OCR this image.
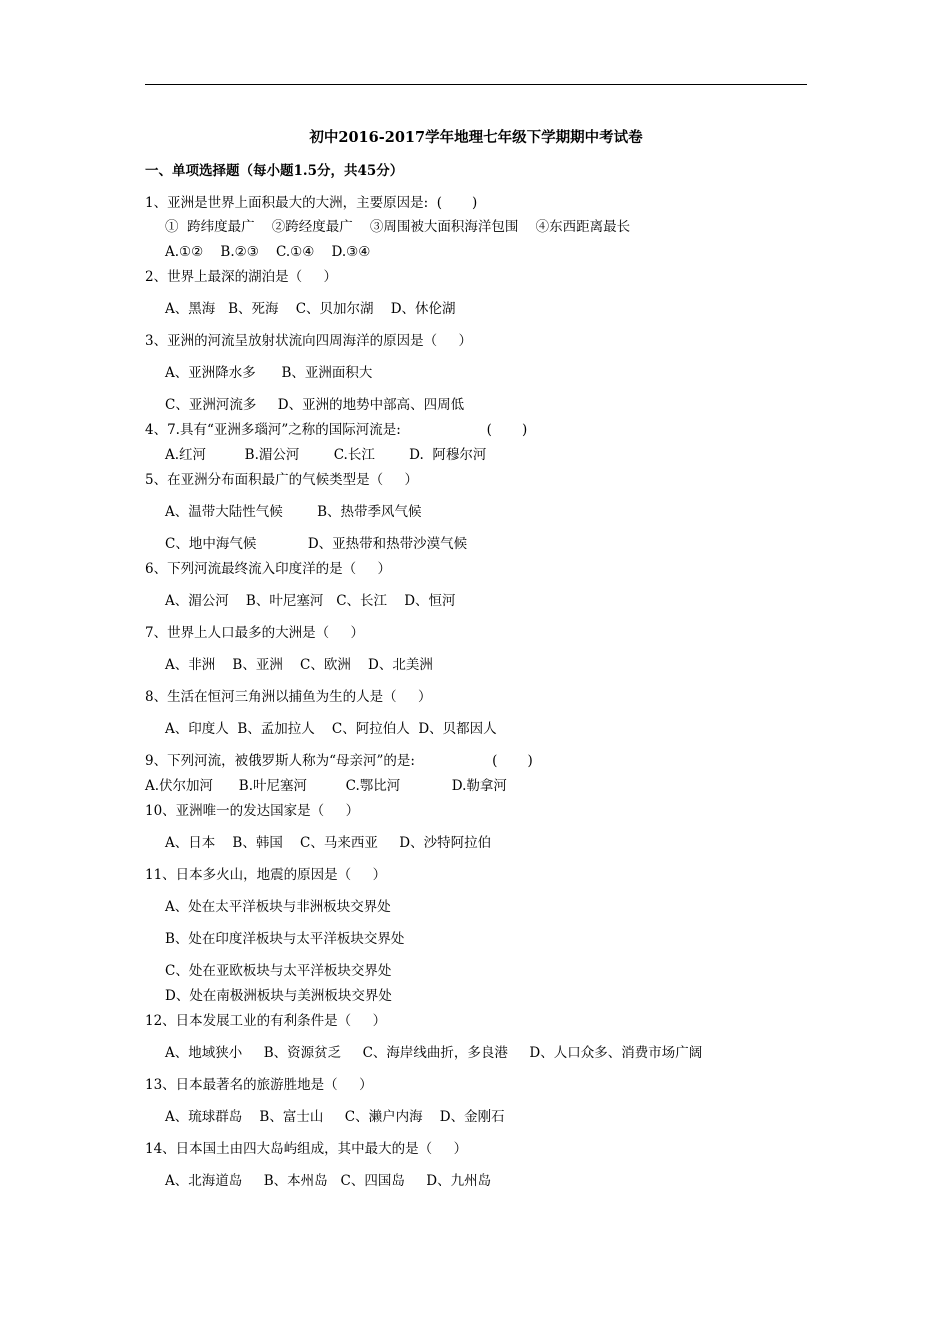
初中2016-2017学年地理七年级下学期期中考试卷
一、单项选择题（每小题1.5分，共45分）
1、亚洲是世界上面积最大的大洲，主要原因是:  (       )
①  跨纬度最广    ②跨经度最广    ③周围被大面积海洋包围    ④东西距离最长
A.①②    B.②③    C.①④    D.③④
2、世界上最深的湖泊是（     ）
A、黑海   B、死海    C、贝加尔湖    D、休伦湖
3、亚洲的河流呈放射状流向四周海洋的原因是（     ）
A、亚洲降水多      B、亚洲面积大
C、亚洲河流多     D、亚洲的地势中部高、四周低
4、7.具有“亚洲多瑙河”之称的国际河流是:                    (       )
A.红河         B.湄公河        C.长江        D.  阿穆尔河
5、在亚洲分布面积最广的气候类型是（     ）
A、温带大陆性气候        B、热带季风气候
C、地中海气候            D、亚热带和热带沙漠气候
6、下列河流最终流入印度洋的是（     ）
A、湄公河    B、叶尼塞河   C、长江    D、恒河
7、世界上人口最多的大洲是（     ）
A、非洲    B、亚洲    C、欧洲    D、北美洲
8、生活在恒河三角洲以捕鱼为生的人是（     ）
A、印度人  B、孟加拉人    C、阿拉伯人  D、贝都因人
9、下列河流，被俄罗斯人称为“母亲河”的是:                  (       )
A.伏尔加河      B.叶尼塞河         C.鄂比河            D.勒拿河
10、亚洲唯一的发达国家是（     ）
A、日本    B、韩国    C、马来西亚     D、沙特阿拉伯
11、日本多火山，地震的原因是（     ）
A、处在太平洋板块与非洲板块交界处
B、处在印度洋板块与太平洋板块交界处
C、处在亚欧板块与太平洋板块交界处
D、处在南极洲板块与美洲板块交界处
12、日本发展工业的有利条件是（     ）
A、地域狭小     B、资源贫乏     C、海岸线曲折，多良港     D、人口众多、消费市场广阔
13、日本最著名的旅游胜地是（     ）
A、琉球群岛    B、富士山     C、濑户内海    D、金刚石
14、日本国土由四大岛屿组成，其中最大的是（     ）
A、北海道岛     B、本州岛   C、四国岛     D、九州岛
